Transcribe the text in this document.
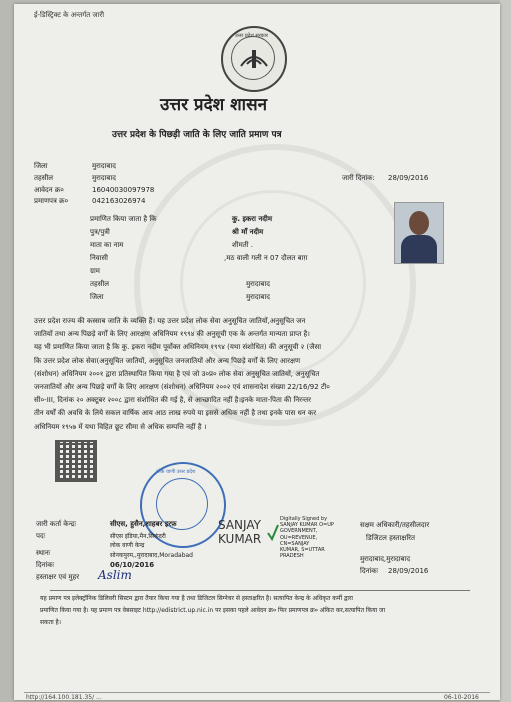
ई-डिस्ट्रिक्ट के अन्तर्गत जारी
उत्तर प्रदेश सरकार
उत्तर प्रदेश शासन
उत्तर प्रदेश के पिछड़ी जाति के लिए जाति प्रमाण पत्र
जिला	मुरादाबाद
तहसील	मुरादाबाद
आवेदन क्र०	16040030097978
प्रमाणपत्र क्र०	042163026974
जारी दिनांक: 28/09/2016
प्रमाणित किया जाता है कि	कु. इकरा नदीम
पुत्र/पुत्री	श्री माँ नदीम
माता का नाम	शीमती .
निवासी	,मठ वाली गली न 07 दौलत बाग़
ग्राम
तहसील	मुरादाबाद
जिला	मुरादाबाद
उत्तर प्रदेश राज्य की कस्साब जाति के व्यक्ति हैं। यह उत्तर प्रदेश लोक सेवा अनुसूचित जातियों,अनुसूचित जन
जातियों तथा अन्य पिछड़े वर्गों के लिए आरक्षण अधिनियम १९९४ की अनुसूची एक के अन्तर्गत मान्यता प्राप्त है।
यह भी प्रमाणित किया जाता है कि कु. इकरा नदीम पूर्वोक्त अधिनियम १९९४ (यथा संशोधित) की अनुसूची २ (जैसा
कि उत्तर प्रदेश लोक सेवा(अनुसूचित जातियों, अनुसूचित जनजातियों और अन्य पिछड़े वर्गों के लिए आरक्षण
(संशोधन) अधिनियम २००१ द्वारा प्रतिस्थापित किया गया है एवं जो उ०प्र० लोक सेवा अनुसूचित जातियों, अनुसूचित
जनजातियों और अन्य पिछड़े वर्गों के लिए आरक्षण (संशोधन) अधिनियम २००२ एवं शासनादेश संख्या 22/16/92 टी०
सी०-III, दिनांक २० अक्टूबर २००८ द्वारा संशोधित की गई है, से आच्छादित नहीं है।इनके माता-पिता की निरन्तर
तीन वर्षों की अवधि के लिये सकल वार्षिक आय आठ लाख रुपये या इससे अधिक नहीं है तथा इनके पास धन कर
अधिनियम १९५७ में यथा विहित छूट सीमा से अधिक सम्पत्ति नहीं है ।
लोक वाणी उत्तर प्रदेश
जारी कर्ता केन्द्रः	सीएस, हुसैन,शाहबर इरफ़
पदः	सीएस इंडिया,मैन,सिकंदरी
लोक वाणी केन्द्र
सोनकपुरम,,मुरादाबाद,Moradabad
स्थानः
दिनांकः	06/10/2016
हस्ताक्षर एवं मुहर Aslim
SANJAY KUMAR
Digitally Signed by
SANJAY KUMAR O=UP
GOVERNMENT,
OU=REVENUE,
CN=SANJAY
KUMAR, S=UTTAR
PRADESH
सक्षम अधिकारी/तहसीलदार
डिजिटल हस्ताक्षरित
मुरादाबाद,मुरादाबाद
दिनांकः 28/09/2016
यह प्रमाण पत्र इलेक्ट्रॉनिक डिलिवरी सिस्टम द्वारा तैयार किया गया है तथा डिजिटल सिग्नेचर से हस्ताक्षरित है। सत्यापित केन्द्र के अधिकृत कर्मी द्वारा
प्रमाणित किया गया है। यह प्रमाण पत्र वेबसाइट http://edistrict.up.nic.in पर इसका पहले आवेदन क्र० फिर प्रमाणपत्र क्र० अंकित कर,सत्यापित किया जा
सकता है।
http://164.100.181.35/ ...	06-10-2016
